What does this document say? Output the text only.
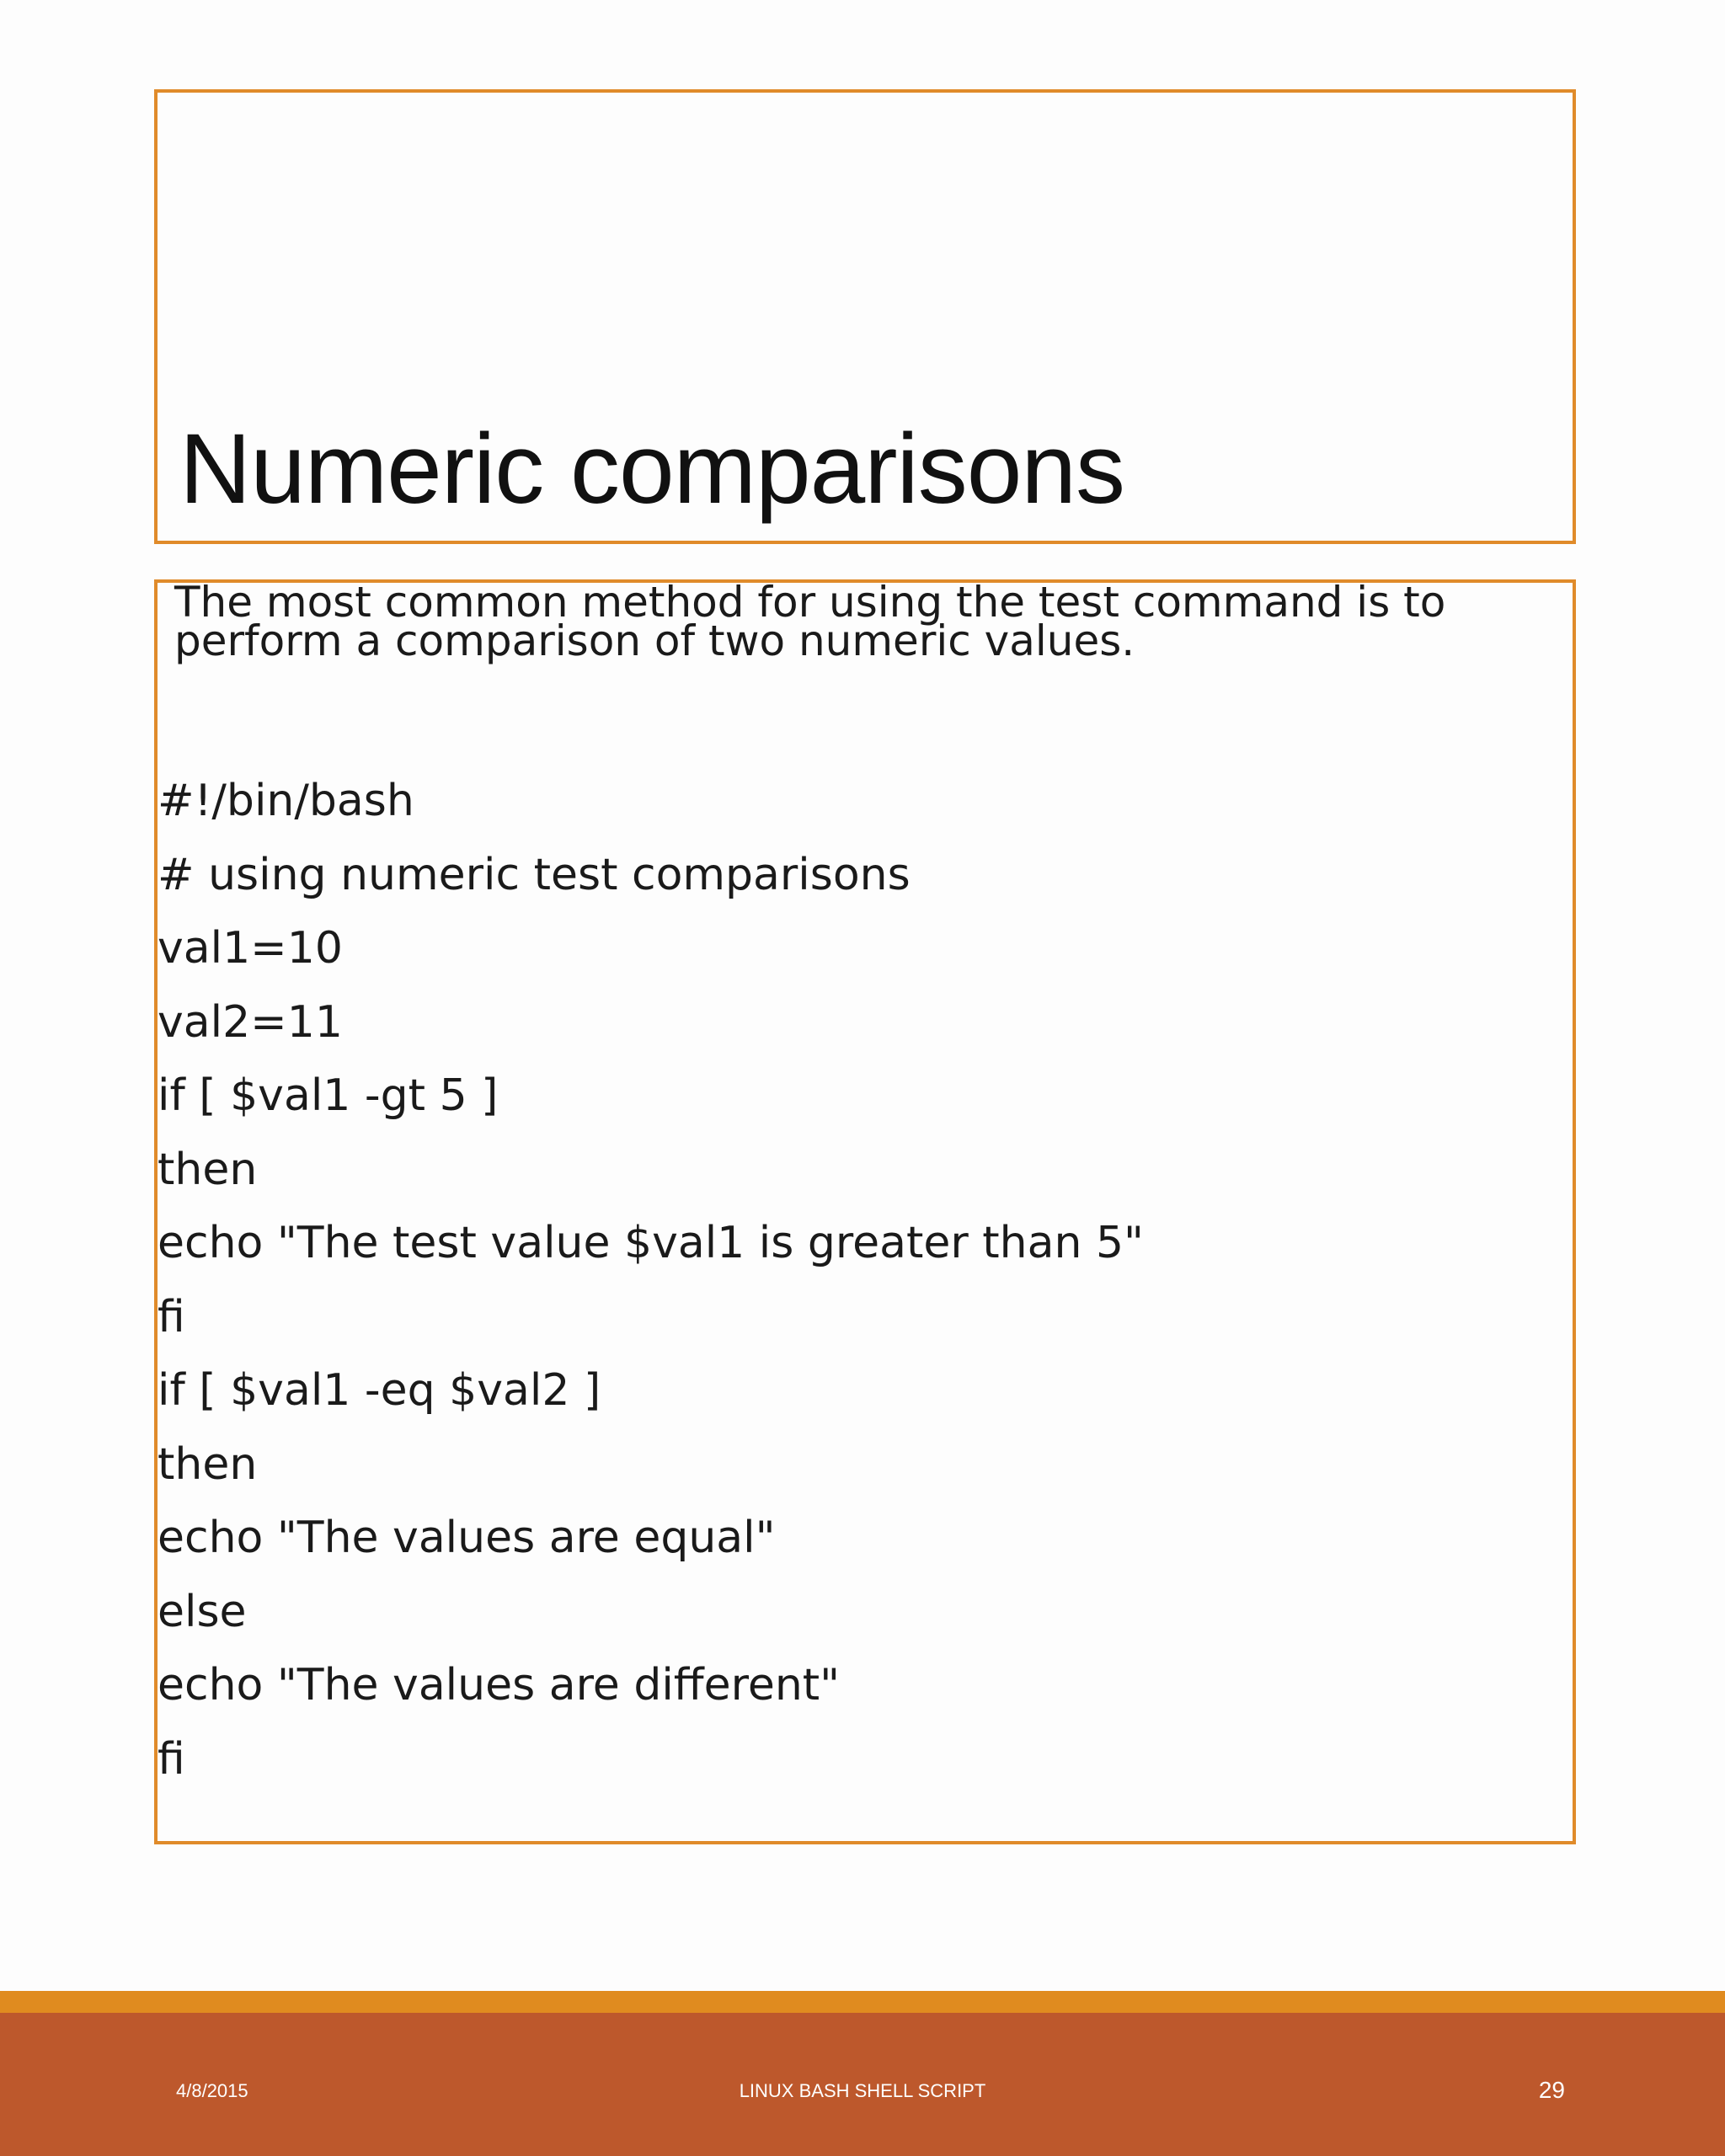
Numeric comparisons

The most common method for using the test command is to perform a comparison of two numeric values.

#!/bin/bash
# using numeric test comparisons
val1=10
val2=11
if [ $val1 -gt 5 ]
then
echo "The test value $val1 is greater than 5"
fi
if [ $val1 -eq $val2 ]
then
echo "The values are equal"
else
echo "The values are different"
fi
4/8/2015	LINUX BASH SHELL SCRIPT	29
